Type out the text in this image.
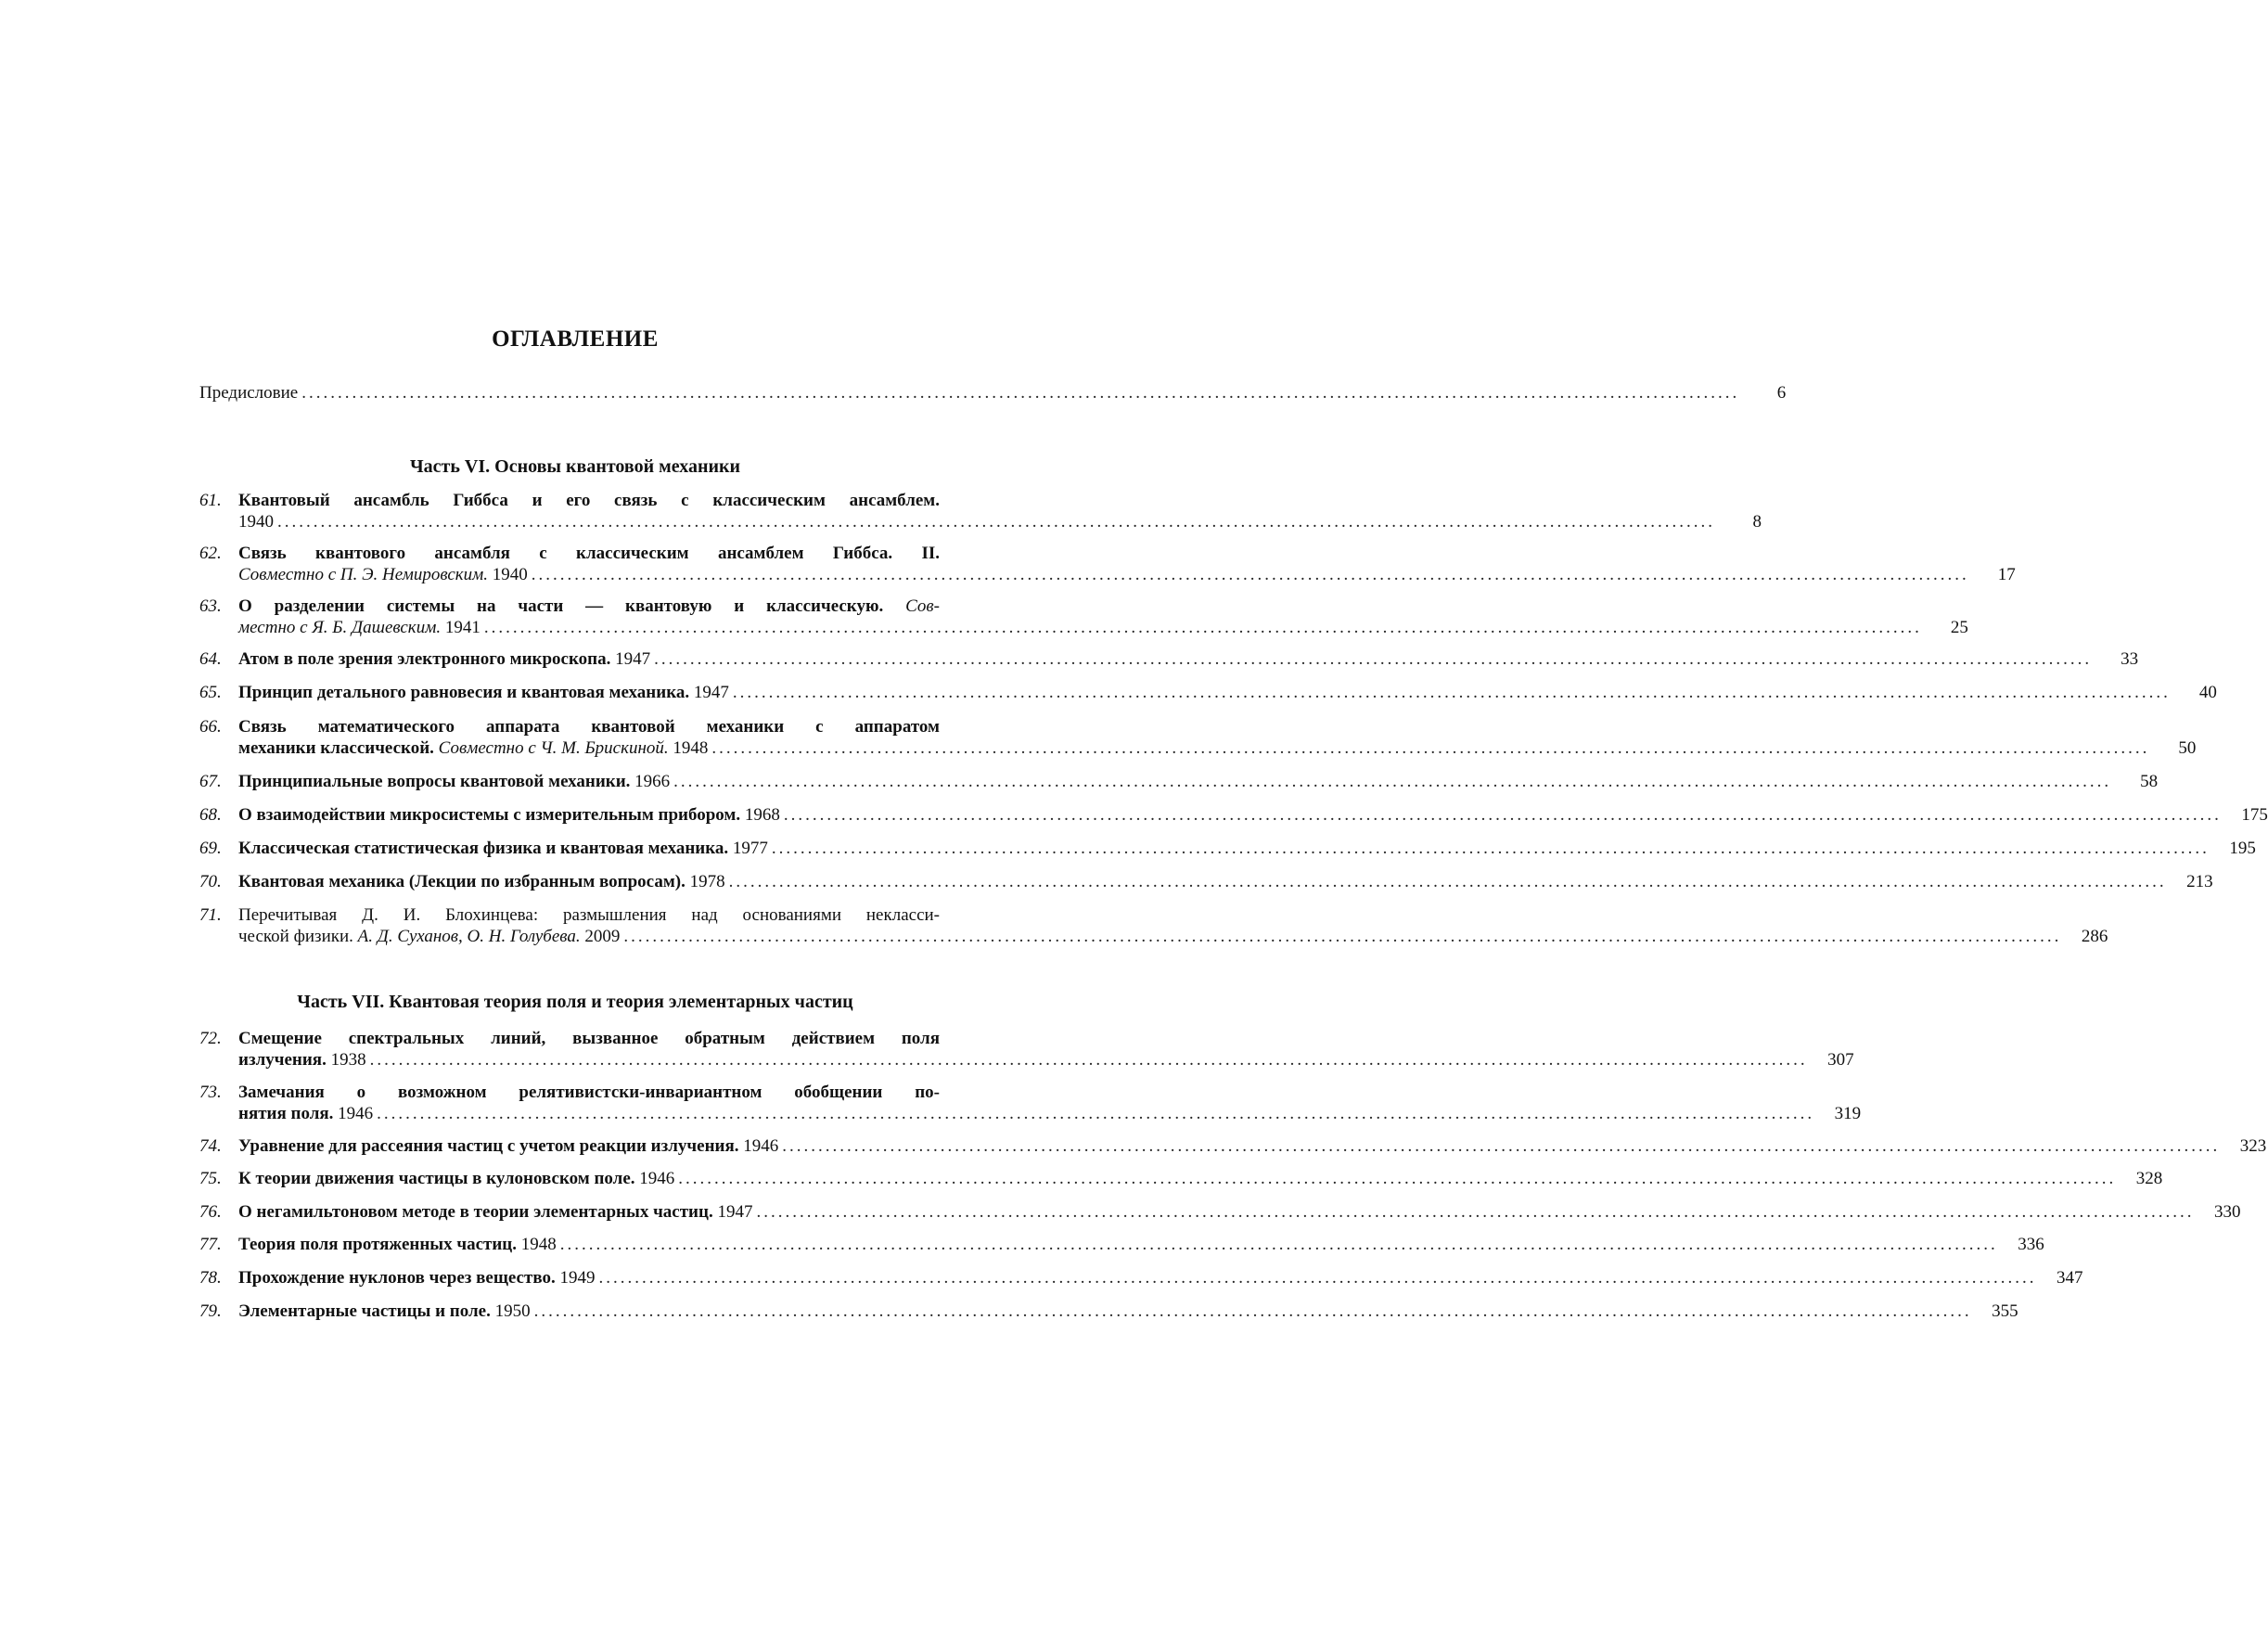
ОГЛАВЛЕНИЕ
Предисловие ........................................................................................................................................................................................................	6
Часть VI. Основы квантовой механики
61. Квантовый ансамбль Гиббса и его связь с классическим ансамблем.
1940 ........................................................................................................................................................................................................	8
62. Связь квантового ансамбля с классическим ансамблем Гиббса. II.
Совместно с П. Э. Немировским. 1940 ........................................................................................................................................................................................................	17
63. О разделении системы на части — квантовую и классическую. Сов-
местно с Я. Б. Дашевским. 1941 ........................................................................................................................................................................................................	25
64. Атом в поле зрения электронного микроскопа. 1947 ........................................................................................................................................................................................................	33
65. Принцип детального равновесия и квантовая механика. 1947 ........................................................................................................................................................................................................	40
66. Связь математического аппарата квантовой механики с аппаратом
механики классической. Совместно с Ч. М. Брискиной. 1948 ........................................................................................................................................................................................................	50
67. Принципиальные вопросы квантовой механики. 1966 ........................................................................................................................................................................................................	58
68. О взаимодействии микросистемы с измерительным прибором. 1968 ........................................................................................................................................................................................................	175
69. Классическая статистическая физика и квантовая механика. 1977 ........................................................................................................................................................................................................	195
70. Квантовая механика (Лекции по избранным вопросам). 1978 ........................................................................................................................................................................................................	213
71. Перечитывая Д. И. Блохинцева: размышления над основаниями некласси-
ческой физики. А. Д. Суханов, О. Н. Голубева. 2009 ........................................................................................................................................................................................................	286
Часть VII. Квантовая теория поля и теория элементарных частиц
72. Смещение спектральных линий, вызванное обратным действием поля
излучения. 1938 ........................................................................................................................................................................................................	307
73. Замечания о возможном релятивистски-инвариантном обобщении по-
нятия поля. 1946 ........................................................................................................................................................................................................	319
74. Уравнение для рассеяния частиц с учетом реакции излучения. 1946 ........................................................................................................................................................................................................	323
75. К теории движения частицы в кулоновском поле. 1946 ........................................................................................................................................................................................................	328
76. О негамильтоновом методе в теории элементарных частиц. 1947 ........................................................................................................................................................................................................	330
77. Теория поля протяженных частиц. 1948 ........................................................................................................................................................................................................	336
78. Прохождение нуклонов через вещество. 1949 ........................................................................................................................................................................................................	347
79. Элементарные частицы и поле. 1950 ........................................................................................................................................................................................................	355
